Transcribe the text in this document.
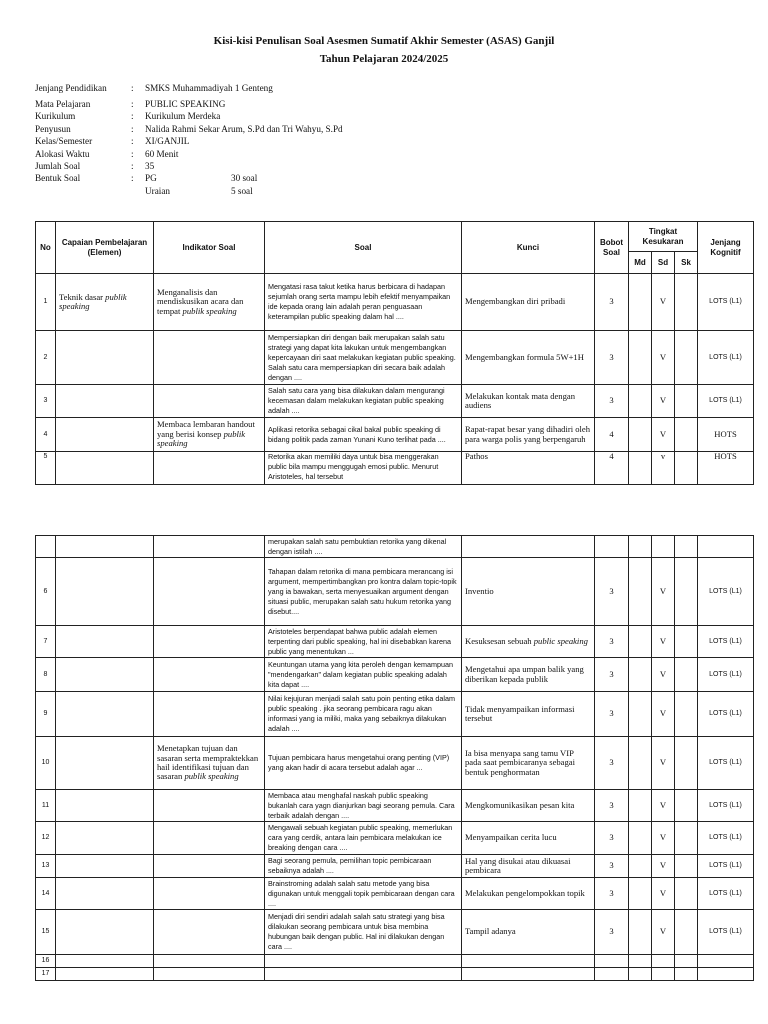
Kisi-kisi Penulisan Soal Asesmen Sumatif Akhir Semester (ASAS) Ganjil
Tahun Pelajaran 2024/2025
Jenjang Pendidikan	:	SMKS Muhammadiyah 1 Genteng
Mata Pelajaran	:	PUBLIC SPEAKING
Kurikulum	:	Kurikulum Merdeka
Penyusun	:	Nalida Rahmi Sekar Arum, S.Pd dan Tri Wahyu, S.Pd
Kelas/Semester	:	XI/GANJIL
Alokasi Waktu	:	60 Menit
Jumlah Soal	:	35
Bentuk Soal	:	PG	30 soal
Uraian	5 soal
No	Capaian Pembelajaran (Elemen)	Indikator Soal	Soal	Kunci	Bobot Soal	Tingkat Kesukaran			Jenjang Kognitif
						Md	Sd	Sk	
1	Teknik dasar publik speaking	Menganalisis dan mendiskusikan acara dan tempat publik speaking	Mengatasi rasa takut ketika harus berbicara di hadapan sejumlah orang serta mampu lebih efektif menyampaikan ide kepada orang lain adalah peran penguasaan keterampilan public speaking dalam hal ....	Mengembangkan diri pribadi	3		V		LOTS (L1)
2			Mempersiapkan diri dengan baik merupakan salah satu strategi yang dapat kita lakukan untuk mengembangkan kepercayaan diri saat melakukan kegiatan public speaking. Salah satu cara mempersiapkan diri secara baik adalah dengan ....	Mengembangkan formula 5W+1H	3		V		LOTS (L1)
3			Salah satu cara yang bisa dilakukan dalam mengurangi kecemasan dalam melakukan kegiatan public speaking adalah ....	Melakukan kontak mata dengan audiens	3		V		LOTS (L1)
4		Membaca lembaran handout yang berisi konsep publik speaking	Aplikasi retorika sebagai cikal bakal public speaking di bidang politik pada zaman Yunani Kuno terlihat pada ....	Rapat-rapat besar yang dihadiri oleh para warga polis yang berpengaruh	4		V		HOTS
5			Retorika akan memiliki daya untuk bisa menggerakan public bila mampu menggugah emosi public. Menurut Aristoteles, hal tersebut	Pathos	4		v		HOTS
			merupakan salah satu pembuktian retorika yang dikenal dengan istilah ....						
6			Tahapan dalam retorika di mana pembicara merancang isi argument, mempertimbangkan pro kontra dalam topic-topik yang ia bawakan, serta menyesuaikan argument dengan situasi public, merupakan salah satu hukum retorika yang disebut....	Inventio	3		V		LOTS (L1)
7			Aristoteles berpendapat bahwa public adalah elemen terpenting dari public speaking, hal ini disebabkan karena public yang menentukan ...	Kesuksesan sebuah public speaking	3		V		LOTS (L1)
8			Keuntungan utama yang kita peroleh dengan kemampuan "mendengarkan" dalam kegiatan public speaking adalah kita dapat ....	Mengetahui apa umpan balik yang diberikan kepada publik	3		V		LOTS (L1)
9			Nilai kejujuran menjadi salah satu poin penting etika dalam public speaking . jika seorang pembicara ragu akan informasi yang ia miliki, maka yang sebaiknya dilakukan adalah ....	Tidak menyampaikan informasi tersebut	3		V		LOTS (L1)
10		Menetapkan tujuan dan sasaran serta mempraktekkan hail identifikasi tujuan dan sasaran publik speaking	Tujuan pembicara harus mengetahui orang penting (VIP) yang akan hadir di acara tersebut adalah agar ...	Ia bisa menyapa sang tamu VIP pada saat pembicaranya sebagai bentuk penghormatan	3		V		LOTS (L1)
11			Membaca atau menghafal naskah public speaking bukanlah cara yagn dianjurkan bagi seorang pemula. Cara terbaik adalah dengan ....	Mengkomunikasikan pesan kita	3		V		LOTS (L1)
12			Mengawali sebuah kegiatan public speaking, memerlukan cara yang cerdik, antara lain pembicara melakukan ice breaking dengan cara ....	Menyampaikan cerita lucu	3		V		LOTS (L1)
13			Bagi seorang pemula, pemilihan topic pembicaraan sebaiknya adalah ....	Hal yang disukai atau dikuasai pembicara	3		V		LOTS (L1)
14			Brainstroming adalah salah satu metode yang bisa digunakan untuk menggali topik pembicaraan dengan cara ....	Melakukan pengelompokkan topik	3		V		LOTS (L1)
15			Menjadi diri sendiri adalah salah satu strategi yang bisa dilakukan seorang pembicara untuk bisa membina hubungan baik dengan public. Hal ini dilakukan dengan cara ....	Tampil adanya	3		V		LOTS (L1)
16									
17									
